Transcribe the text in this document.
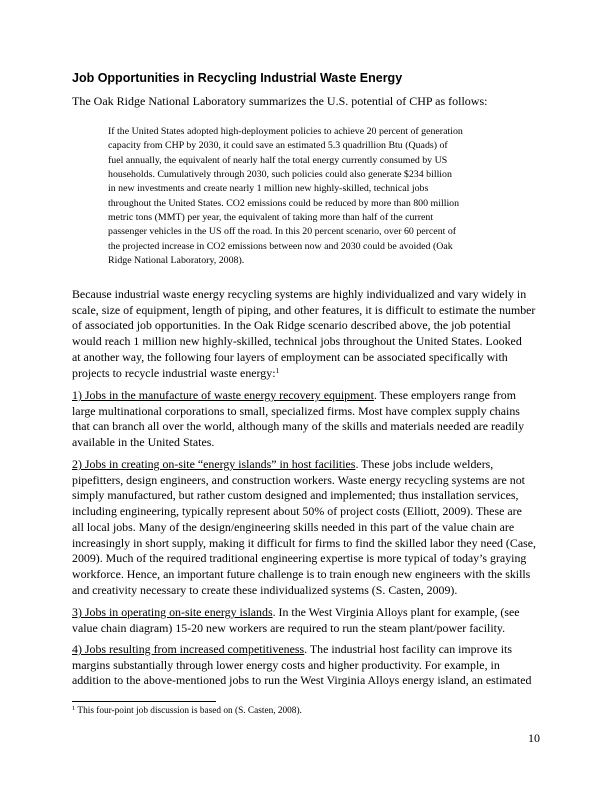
Job Opportunities in Recycling Industrial Waste Energy

The Oak Ridge National Laboratory summarizes the U.S. potential of CHP as follows:

If the United States adopted high-deployment policies to achieve 20 percent of generation
capacity from CHP by 2030, it could save an estimated 5.3 quadrillion Btu (Quads) of
fuel annually, the equivalent of nearly half the total energy currently consumed by US
households. Cumulatively through 2030, such policies could also generate $234 billion
in new investments and create nearly 1 million new highly-skilled, technical jobs
throughout the United States. CO2 emissions could be reduced by more than 800 million
metric tons (MMT) per year, the equivalent of taking more than half of the current
passenger vehicles in the US off the road. In this 20 percent scenario, over 60 percent of
the projected increase in CO2 emissions between now and 2030 could be avoided (Oak
Ridge National Laboratory, 2008).

Because industrial waste energy recycling systems are highly individualized and vary widely in
scale, size of equipment, length of piping, and other features, it is difficult to estimate the number
of associated job opportunities. In the Oak Ridge scenario described above, the job potential
would reach 1 million new highly-skilled, technical jobs throughout the United States. Looked
at another way, the following four layers of employment can be associated specifically with
projects to recycle industrial waste energy:$^1$

1) Jobs in the manufacture of waste energy recovery equipment. These employers range from
large multinational corporations to small, specialized firms. Most have complex supply chains
that can branch all over the world, although many of the skills and materials needed are readily
available in the United States.

2) Jobs in creating on-site “energy islands” in host facilities. These jobs include welders,
pipefitters, design engineers, and construction workers. Waste energy recycling systems are not
simply manufactured, but rather custom designed and implemented; thus installation services,
including engineering, typically represent about 50% of project costs (Elliott, 2009). These are
all local jobs. Many of the design/engineering skills needed in this part of the value chain are
increasingly in short supply, making it difficult for firms to find the skilled labor they need (Case,
2009). Much of the required traditional engineering expertise is more typical of today’s graying
workforce. Hence, an important future challenge is to train enough new engineers with the skills
and creativity necessary to create these individualized systems (S. Casten, 2009).

3) Jobs in operating on-site energy islands. In the West Virginia Alloys plant for example, (see
value chain diagram) 15-20 new workers are required to run the steam plant/power facility.

4) Jobs resulting from increased competitiveness. The industrial host facility can improve its
margins substantially through lower energy costs and higher productivity. For example, in
addition to the above-mentioned jobs to run the West Virginia Alloys energy island, an estimated

$^1$ This four-point job discussion is based on (S. Casten, 2008).

10
